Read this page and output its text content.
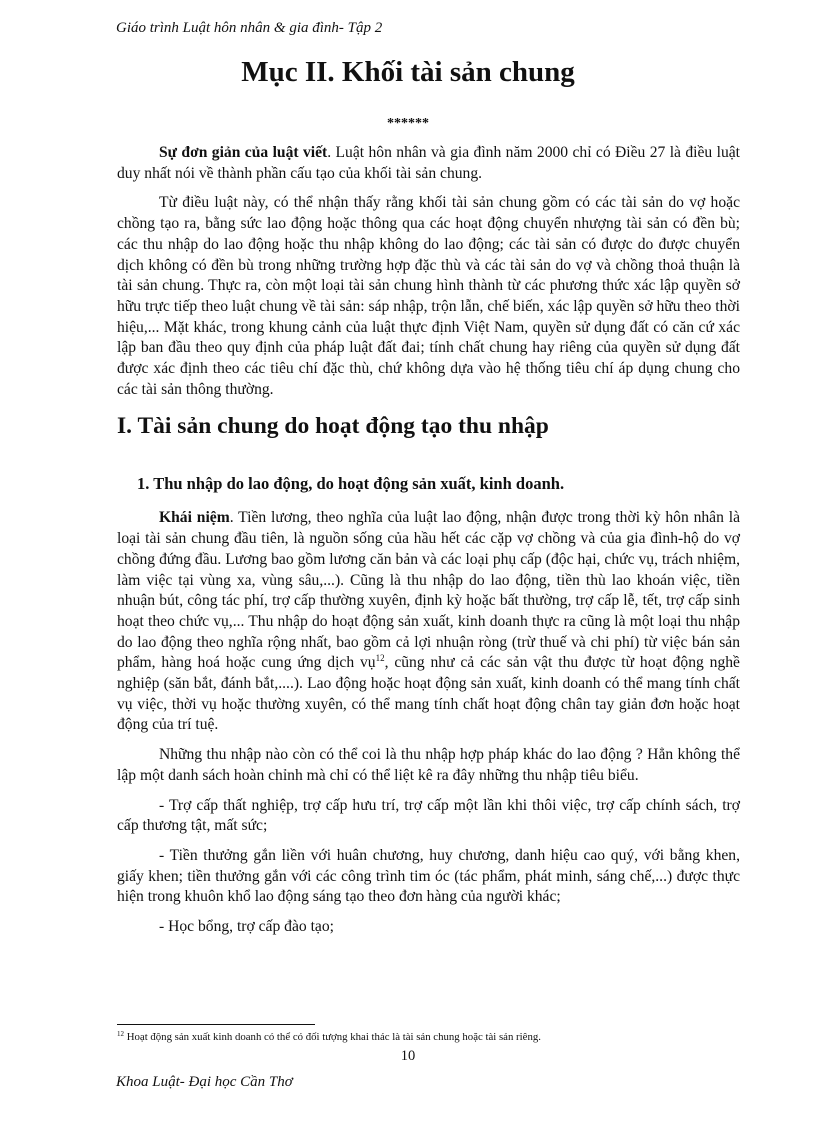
Giáo trình Luật hôn nhân & gia đình- Tập 2
Mục II. Khối tài sản chung
******

Sự đơn giản của luật viết. Luật hôn nhân và gia đình năm 2000 chỉ có Điều 27 là điều luật duy nhất nói về thành phần cấu tạo của khối tài sản chung.

Từ điều luật này, có thể nhận thấy rằng khối tài sản chung gồm có các tài sản do vợ hoặc chồng tạo ra, bằng sức lao động hoặc thông qua các hoạt động chuyển nhượng tài sản có đền bù; các thu nhập do lao động hoặc thu nhập không do lao động; các tài sản có được do được chuyển dịch không có đền bù trong những trường hợp đặc thù và các tài sản do vợ và chồng thoả thuận là tài sản chung. Thực ra, còn một loại tài sản chung hình thành từ các phương thức xác lập quyền sở hữu trực tiếp theo luật chung về tài sản: sáp nhập, trộn lẫn, chế biến, xác lập quyền sở hữu theo thời hiệu,... Mặt khác, trong khung cảnh của luật thực định Việt Nam, quyền sử dụng đất có căn cứ xác lập ban đầu theo quy định của pháp luật đất đai; tính chất chung hay riêng của quyền sử dụng đất được xác định theo các tiêu chí đặc thù, chứ không dựa vào hệ thống tiêu chí áp dụng chung cho các tài sản thông thường.

I. Tài sản chung do hoạt động tạo thu nhập
1. Thu nhập do lao động, do hoạt động sản xuất, kinh doanh.

Khái niệm. Tiền lương, theo nghĩa của luật lao động, nhận được trong thời kỳ hôn nhân là loại tài sản chung đầu tiên, là nguồn sống của hầu hết các cặp vợ chồng và của gia đình-hộ do vợ chồng đứng đầu. Lương bao gồm lương căn bản và các loại phụ cấp (độc hại, chức vụ, trách nhiệm, làm việc tại vùng xa, vùng sâu,...). Cũng là thu nhập do lao động, tiền thù lao khoán việc, tiền nhuận bút, công tác phí, trợ cấp thường xuyên, định kỳ hoặc bất thường, trợ cấp lễ, tết, trợ cấp sinh hoạt theo chức vụ,... Thu nhập do hoạt động sản xuất, kinh doanh thực ra cũng là một loại thu nhập do lao động theo nghĩa rộng nhất, bao gồm cả lợi nhuận ròng (trừ thuế và chi phí) từ việc bán sản phẩm, hàng hoá hoặc cung ứng dịch vụ$^{12}$, cũng như cả các sản vật thu được từ hoạt động nghề nghiệp (săn bắt, đánh bắt,....). Lao động hoặc hoạt động sản xuất, kinh doanh có thể mang tính chất vụ việc, thời vụ hoặc thường xuyên, có thể mang tính chất hoạt động chân tay giản đơn hoặc hoạt động của trí tuệ.

Những thu nhập nào còn có thể coi là thu nhập hợp pháp khác do lao động ? Hẳn không thể lập một danh sách hoàn chỉnh mà chỉ có thể liệt kê ra đây những thu nhập tiêu biểu.

- Trợ cấp thất nghiệp, trợ cấp hưu trí, trợ cấp một lần khi thôi việc, trợ cấp chính sách, trợ cấp thương tật, mất sức;

- Tiền thưởng gắn liền với huân chương, huy chương, danh hiệu cao quý, với bằng khen, giấy khen; tiền thưởng gắn với các công trình tim óc (tác phẩm, phát minh, sáng chế,...) được thực hiện trong khuôn khổ lao động sáng tạo theo đơn hàng của người khác;

- Học bổng, trợ cấp đào tạo;

$^{12}$ Hoạt động sản xuất kinh doanh có thể có đối tượng khai thác là tài sản chung hoặc tài sản riêng.
10
Khoa Luật- Đại học Cần Thơ
